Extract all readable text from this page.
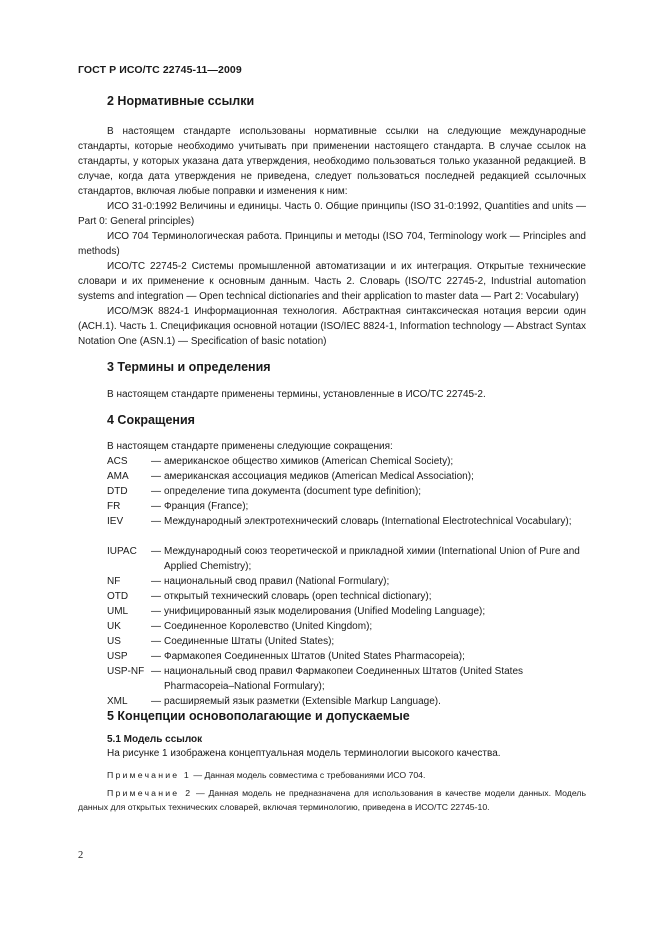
ГОСТ Р ИСО/ТС 22745-11—2009
2 Нормативные ссылки
В настоящем стандарте использованы нормативные ссылки на следующие международные стандарты, которые необходимо учитывать при применении настоящего стандарта. В случае ссылок на стандарты, у которых указана дата утверждения, необходимо пользоваться только указанной редакцией. В случае, когда дата утверждения не приведена, следует пользоваться последней редакцией ссылочных стандартов, включая любые поправки и изменения к ним:
ИСО 31-0:1992 Величины и единицы. Часть 0. Общие принципы (ISO 31-0:1992, Quantities and units — Part 0: General principles)
ИСО 704 Терминологическая работа. Принципы и методы (ISO 704, Terminology work — Principles and methods)
ИСО/ТС 22745-2 Системы промышленной автоматизации и их интеграция. Открытые технические словари и их применение к основным данным. Часть 2. Словарь (ISO/TC 22745-2, Industrial automation systems and integration — Open technical dictionaries and their application to master data — Part 2: Vocabulary)
ИСО/МЭК 8824-1 Информационная технология. Абстрактная синтаксическая нотация версии один (АСН.1). Часть 1. Спецификация основной нотации (ISO/IEC 8824-1, Information technology — Abstract Syntax Notation One (ASN.1) — Specification of basic notation)
3 Термины и определения
В настоящем стандарте применены термины, установленные в ИСО/ТС 22745-2.
4 Сокращения
В настоящем стандарте применены следующие сокращения:
ACS	— американское общество химиков (American Chemical Society);
AMA	— американская ассоциация медиков (American Medical Association);
DTD	— определение типа документа (document type definition);
FR	— Франция (France);
IEV	— Международный электротехнический словарь (International Electrotechnical Vocabulary);
IUPAC	— Международный союз теоретической и прикладной химии (International Union of Pure and Applied Chemistry);
NF	— национальный свод правил (National Formulary);
OTD	— открытый технический словарь (open technical dictionary);
UML	— унифицированный язык моделирования (Unified Modeling Language);
UK	— Соединенное Королевство (United Kingdom);
US	— Соединенные Штаты (United States);
USP	— Фармакопея Соединенных Штатов (United States Pharmacopeia);
USP-NF — национальный свод правил Фармакопеи Соединенных Штатов (United States Pharmacopeia–National Formulary);
XML	— расширяемый язык разметки (Extensible Markup Language).
5 Концепции основополагающие и допускаемые
5.1 Модель ссылок
На рисунке 1 изображена концептуальная модель терминологии высокого качества.
Примечание 1 — Данная модель совместима с требованиями ИСО 704.
Примечание 2 — Данная модель не предназначена для использования в качестве модели данных. Модель данных для открытых технических словарей, включая терминологию, приведена в ИСО/ТС 22745-10.
2
